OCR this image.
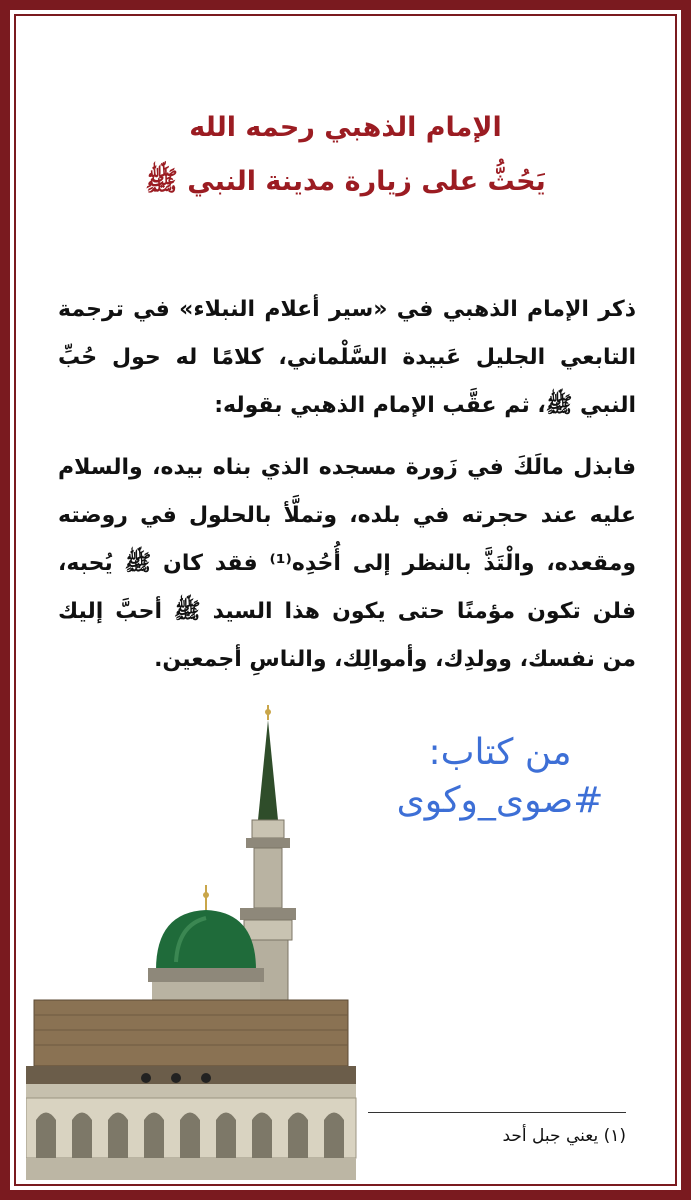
الإمام الذهبي رحمه الله
يَحُثُّ على زيارة مدينة النبي ﷺ
ذكر الإمام الذهبي في «سير أعلام النبلاء» في ترجمة التابعي الجليل عَبيدة السَّلْماني، كلامًا له حول حُبِّ النبي ﷺ، ثم عقَّب الإمام الذهبي بقوله:
فابذل مالَكَ في زَورة مسجده الذي بناه بيده، والسلام عليه عند حجرته في بلده، وتملَّأ بالحلول في روضته ومقعده، والْتَذَّ بالنظر إلى أُحُدِه⁽¹⁾ فقد كان ﷺ يُحبه، فلن تكون مؤمنًا حتى يكون هذا السيد ﷺ أحبَّ إليك من نفسك، وولدِك، وأموالِك، والناسِ أجمعين.
من كتاب:
#صوى_وكوى
(١) يعني جبل أحد
